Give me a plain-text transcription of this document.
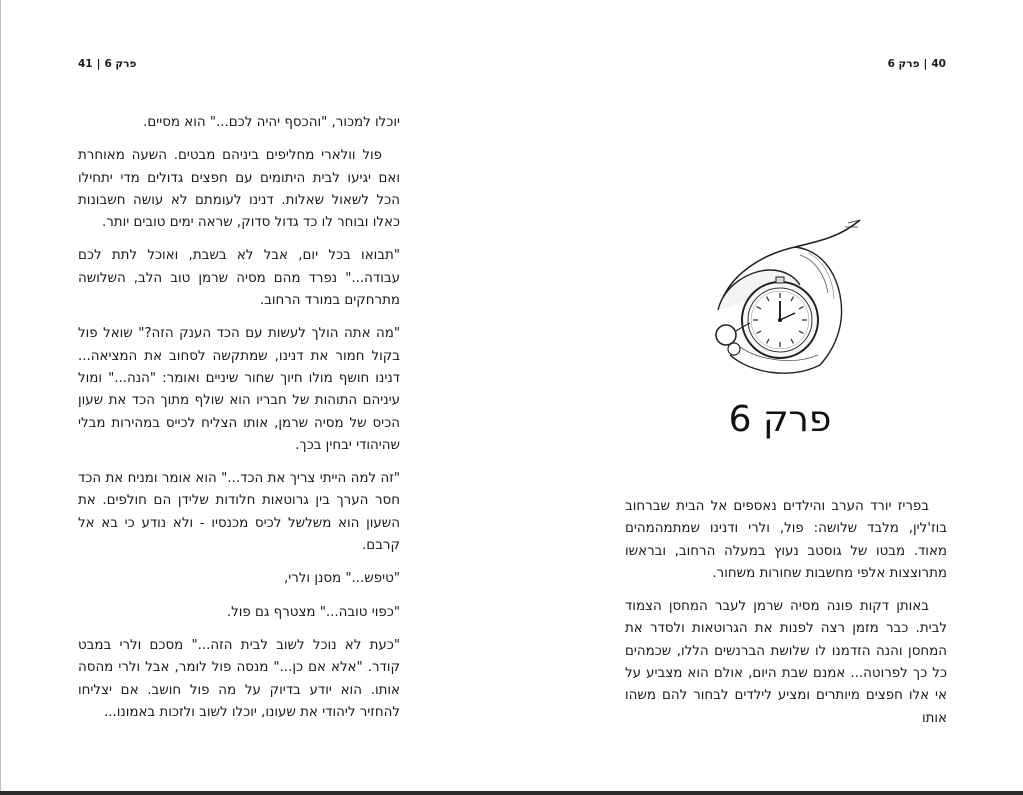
פרק 6|41

יוכלו למכור, "והכסף יהיה לכם..." הוא מסיים.

פול וולארי מחליפים ביניהם מבטים. השעה מאוחרת ואם יגיעו לבית היתומים עם חפצים גדולים מדי יתחילו הכל לשאול שאלות. דנינו לעומתם לא עושה חשבונות כאלו ובוחר לו כד גדול סדוק, שראה ימים טובים יותר.

"תבואו בכל יום, אבל לא בשבת, ואוכל לתת לכם עבודה..." נפרד מהם מסיה שרמן טוב הלב, השלושה מתרחקים במורד הרחוב.

"מה אתה הולך לעשות עם הכד הענק הזה?" שואל פול בקול חמור את דנינו, שמתקשה לסחוב את המציאה... דנינו חושף מולו חיוך שחור שיניים ואומר: "הנה..." ומול עיניהם התוהות של חבריו הוא שולף מתוך הכד את שעון הכיס של מסיה שרמן, אותו הצליח לכייס במהירות מבלי שהיהודי יבחין בכך.

"זה למה הייתי צריך את הכד..." הוא אומר ומניח את הכד חסר הערך בין גרוטאות חלודות שלידן הם חולפים. את השעון הוא משלשל לכיס מכנסיו - ולא נודע כי בא אל קרבם.

"טיפש..." מסנן ולרי,

"כפוי טובה..." מצטרף גם פול.

"כעת לא נוכל לשוב לבית הזה..." מסכם ולרי במבט קודר. "אלא אם כן..." מנסה פול לומר, אבל ולרי מהסה אותו. הוא יודע בדיוק על מה פול חושב. אם יצליחו להחזיר ליהודי את שעונו, יוכלו לשוב ולזכות באמונו...

40|פרק 6
פרק 6

בפריז יורד הערב והילדים נאספים אל הבית שברחוב בוז'לין, מלבד שלושה: פול, ולרי ודנינו שמתמהמהים מאוד. מבטו של גוסטב נעוץ במעלה הרחוב, ובראשו מתרוצצות אלפי מחשבות שחורות משחור.

באותן דקות פונה מסיה שרמן לעבר המחסן הצמוד לבית. כבר מזמן רצה לפנות את הגרוטאות ולסדר את המחסן והנה הזדמנו לו שלושת הברנשים הללו, שכמהים כל כך לפרוטה... אמנם שבת היום, אולם הוא מצביע על אי אלו חפצים מיותרים ומציע לילדים לבחור להם משהו אותו
